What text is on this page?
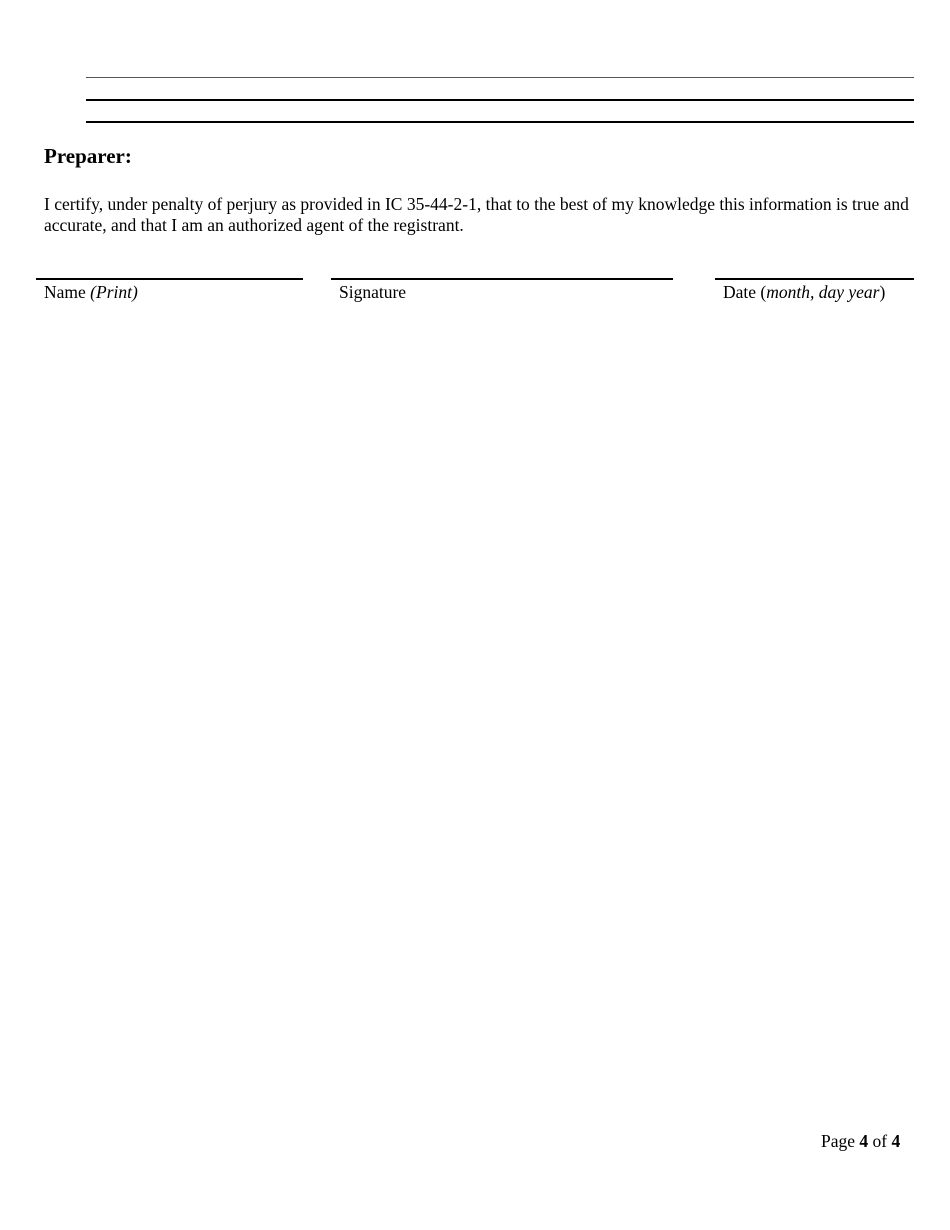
Preparer:

I certify, under penalty of perjury as provided in IC 35-44-2-1, that to the best of my knowledge this information is true and accurate, and that I am an authorized agent of the registrant.

Name (Print)	Signature	Date (month, day year)
Page 4 of 4
